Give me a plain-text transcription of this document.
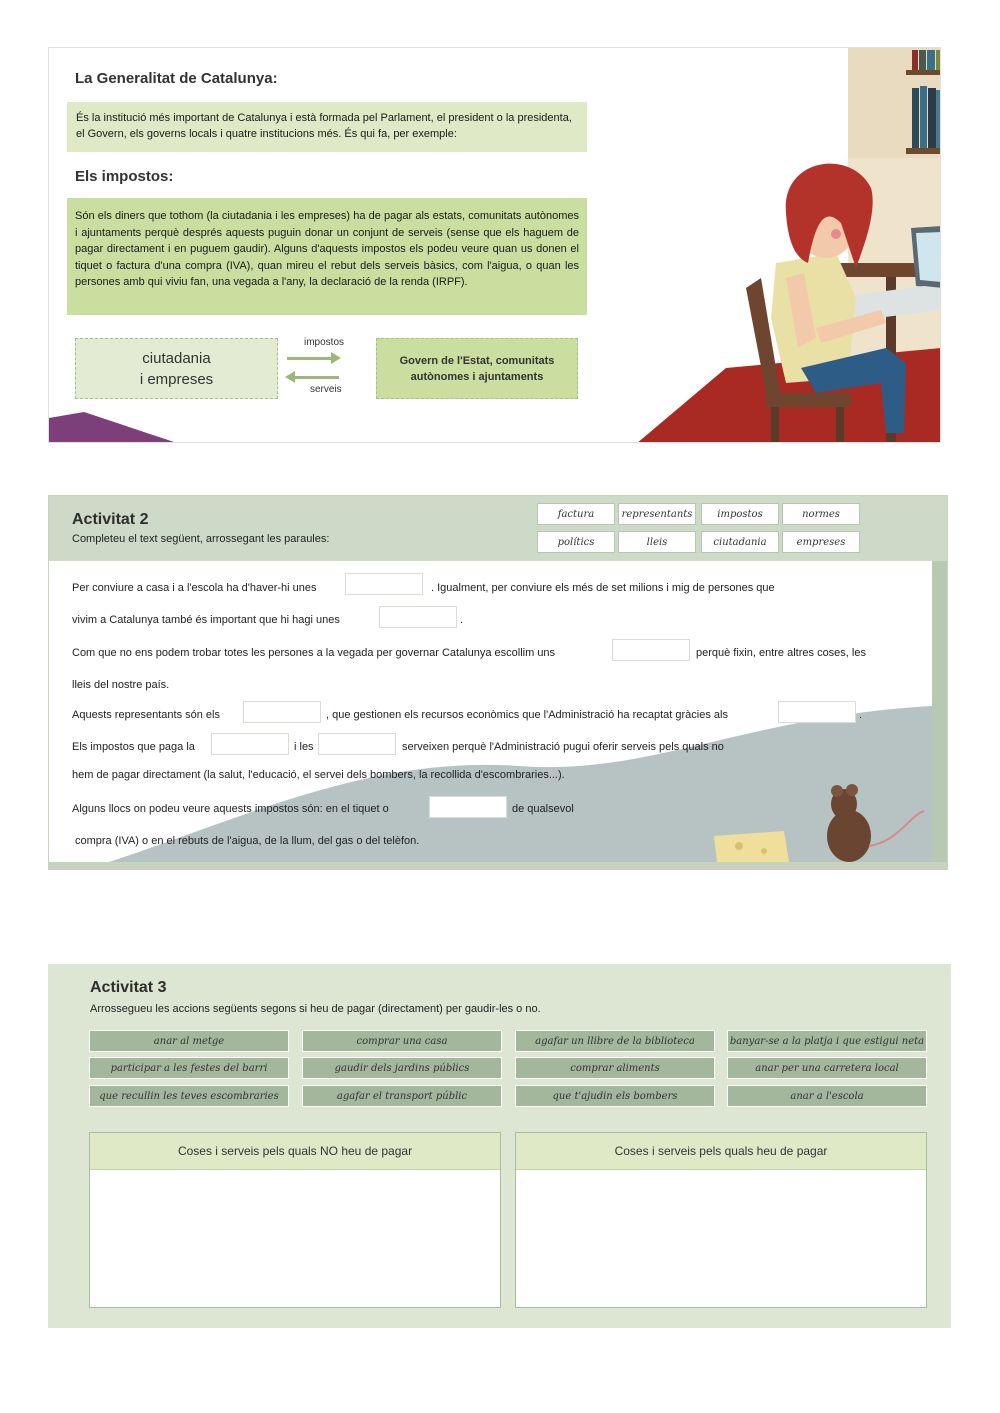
La Generalitat de Catalunya:
És la institució més important de Catalunya i està formada pel Parlament, el president o la presidenta, el Govern, els governs locals i quatre institucions més. És qui fa, per exemple:
Els impostos:
Són els diners que tothom (la ciutadania i les empreses) ha de pagar als estats, comunitats autònomes i ajuntaments perquè després aquests puguin donar un conjunt de serveis (sense que els haguem de pagar directament i en puguem gaudir). Alguns d'aquests impostos els podeu veure quan us donen el tiquet o factura d'una compra (IVA), quan mireu el rebut dels serveis bàsics, com l'aigua, o quan les persones amb qui viviu fan, una vegada a l'any, la declaració de la renda (IRPF).
ciutadania
i empreses
impostos
serveis
Govern de l'Estat, comunitats autònomes i ajuntaments
Activitat 2
Completeu el text següent, arrossegant les paraules:
factura	representants	impostos	normes
polítics	lleis	ciutadania	empreses
Per conviure a casa i a l'escola ha d'haver-hi unes	. Igualment, per conviure els més de set milions i mig de persones que
vivim a Catalunya també és important que hi hagi unes	.
Com que no ens podem trobar totes les persones a la vegada per governar Catalunya escollim uns	perquè fixin, entre altres coses, les
lleis del nostre país.
Aquests representants són els	, que gestionen els recursos econòmics que l'Administració ha recaptat gràcies als	.
Els impostos que paga la	i les	serveixen perquè l'Administració pugui oferir serveis pels quals no
hem de pagar directament (la salut, l'educació, el servei dels bombers, la recollida d'escombraries...).
Alguns llocs on podeu veure aquests impostos són: en el tiquet o	de qualsevol
compra (IVA) o en el rebuts de l'aigua, de la llum, del gas o del telèfon.
Activitat 3
Arrossegueu les accions següents segons si heu de pagar (directament) per gaudir-les o no.
anar al metge	comprar una casa	agafar un llibre de la biblioteca	banyar-se a la platja i que estigui neta
participar a les festes del barri	gaudir dels jardins públics	comprar aliments	anar per una carretera local
que recullin les teves escombraries	agafar el transport públic	que t'ajudin els bombers	anar a l'escola
Coses i serveis pels quals NO heu de pagar	Coses i serveis pels quals heu de pagar
